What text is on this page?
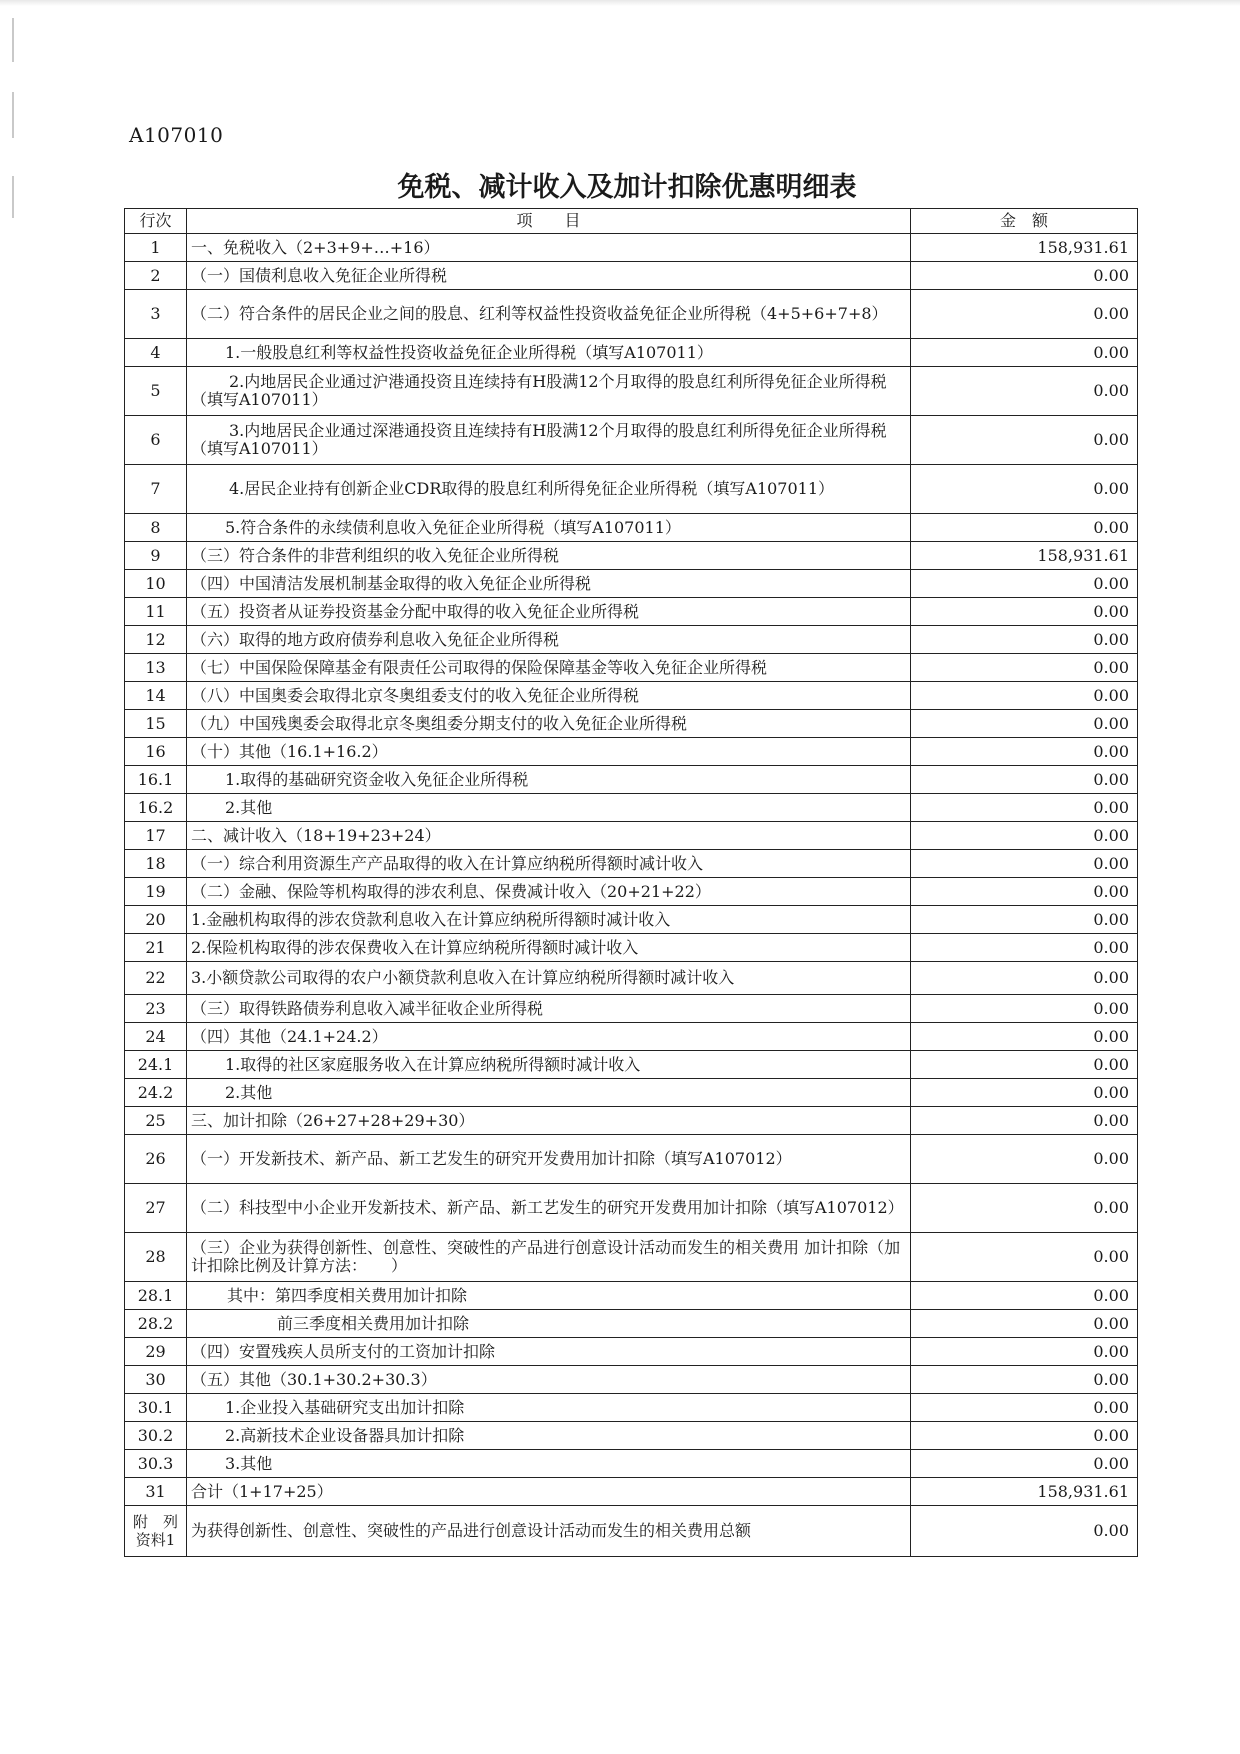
A107010
免税、减计收入及加计扣除优惠明细表
行次	项　　目	金　额
1	一、免税收入（2+3+9+…+16）	158,931.61
2	（一）国债利息收入免征企业所得税	0.00
3	（二）符合条件的居民企业之间的股息、红利等权益性投资收益免征企业所得税（4+5+6+7+8）	0.00
4	1.一般股息红利等权益性投资收益免征企业所得税（填写A107011）	0.00
5	2.内地居民企业通过沪港通投资且连续持有H股满12个月取得的股息红利所得免征企业所得税（填写A107011）	0.00
6	3.内地居民企业通过深港通投资且连续持有H股满12个月取得的股息红利所得免征企业所得税（填写A107011）	0.00
7	4.居民企业持有创新企业CDR取得的股息红利所得免征企业所得税（填写A107011）	0.00
8	5.符合条件的永续债利息收入免征企业所得税（填写A107011）	0.00
9	（三）符合条件的非营利组织的收入免征企业所得税	158,931.61
10	（四）中国清洁发展机制基金取得的收入免征企业所得税	0.00
11	（五）投资者从证券投资基金分配中取得的收入免征企业所得税	0.00
12	（六）取得的地方政府债券利息收入免征企业所得税	0.00
13	（七）中国保险保障基金有限责任公司取得的保险保障基金等收入免征企业所得税	0.00
14	（八）中国奥委会取得北京冬奥组委支付的收入免征企业所得税	0.00
15	（九）中国残奥委会取得北京冬奥组委分期支付的收入免征企业所得税	0.00
16	（十）其他（16.1+16.2）	0.00
16.1	1.取得的基础研究资金收入免征企业所得税	0.00
16.2	2.其他	0.00
17	二、减计收入（18+19+23+24）	0.00
18	（一）综合利用资源生产产品取得的收入在计算应纳税所得额时减计收入	0.00
19	（二）金融、保险等机构取得的涉农利息、保费减计收入（20+21+22）	0.00
20	1.金融机构取得的涉农贷款利息收入在计算应纳税所得额时减计收入	0.00
21	2.保险机构取得的涉农保费收入在计算应纳税所得额时减计收入	0.00
22	3.小额贷款公司取得的农户小额贷款利息收入在计算应纳税所得额时减计收入	0.00
23	（三）取得铁路债券利息收入减半征收企业所得税	0.00
24	（四）其他（24.1+24.2）	0.00
24.1	1.取得的社区家庭服务收入在计算应纳税所得额时减计收入	0.00
24.2	2.其他	0.00
25	三、加计扣除（26+27+28+29+30）	0.00
26	（一）开发新技术、新产品、新工艺发生的研究开发费用加计扣除（填写A107012）	0.00
27	（二）科技型中小企业开发新技术、新产品、新工艺发生的研究开发费用加计扣除（填写A107012）	0.00
28	（三）企业为获得创新性、创意性、突破性的产品进行创意设计活动而发生的相关费用 加计扣除（加计扣除比例及计算方法：　　）	0.00
28.1	其中：第四季度相关费用加计扣除	0.00
28.2	前三季度相关费用加计扣除	0.00
29	（四）安置残疾人员所支付的工资加计扣除	0.00
30	（五）其他（30.1+30.2+30.3）	0.00
30.1	1.企业投入基础研究支出加计扣除	0.00
30.2	2.高新技术企业设备器具加计扣除	0.00
30.3	3.其他	0.00
31	合计（1+17+25）	158,931.61
附　列资料1	为获得创新性、创意性、突破性的产品进行创意设计活动而发生的相关费用总额	0.00
